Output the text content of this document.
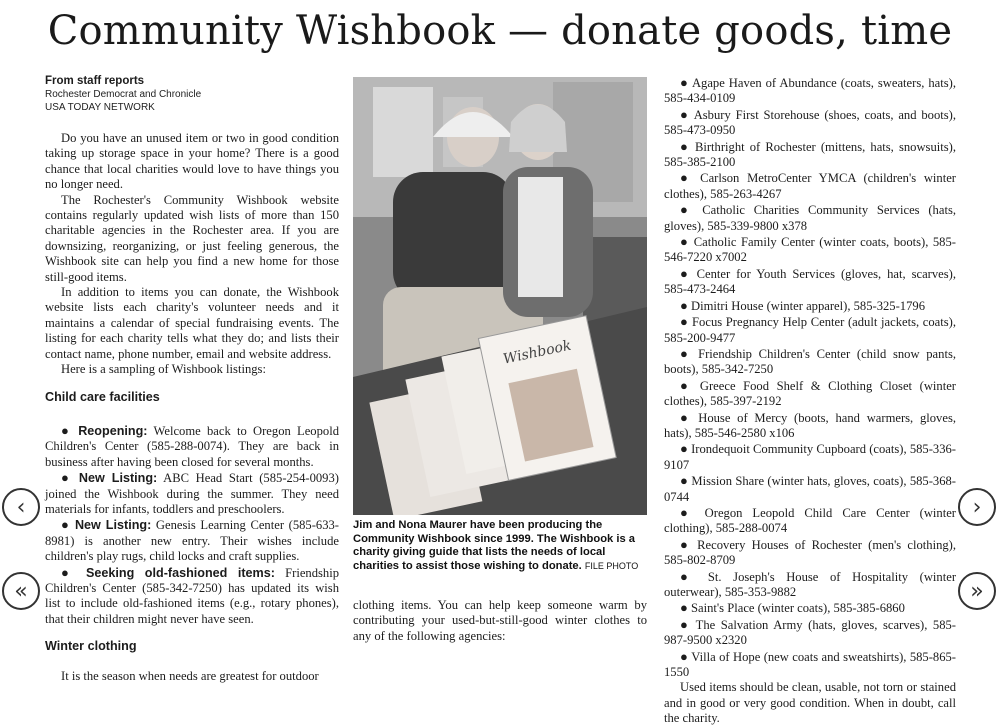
Community Wishbook — donate goods, time
From staff reports
Rochester Democrat and Chronicle
USA TODAY NETWORK

Do you have an unused item or two in good condition taking up storage space in your home? There is a good chance that local charities would love to have things you no longer need.

The Rochester's Community Wishbook website contains regularly updated wish lists of more than 150 charitable agencies in the Rochester area. If you are downsizing, reorganizing, or just feeling generous, the Wishbook site can help you find a new home for those still-good items.

In addition to items you can donate, the Wishbook website lists each charity's volunteer needs and it maintains a calendar of special fundraising events. The listing for each charity tells what they do; and lists their contact name, phone number, email and website address.

Here is a sampling of Wishbook listings:

Child care facilities

● Reopening: Welcome back to Oregon Leopold Children's Center (585-288-0074). They are back in business after having been closed for several months.

● New Listing: ABC Head Start (585-254-0093) joined the Wishbook during the summer. They need materials for infants, toddlers and preschoolers.

● New Listing: Genesis Learning Center (585-633-8981) is another new entry. Their wishes include children's play rugs, child locks and craft supplies.

● Seeking old-fashioned items: Friendship Children's Center (585-342-7250) has updated its wish list to include old-fashioned items (e.g., rotary phones), that their children might never have seen.

Winter clothing

It is the season when needs are greatest for outdoor

Wishbook
Jim and Nona Maurer have been producing the Community Wishbook since 1999. The Wishbook is a charity giving guide that lists the needs of local charities to assist those wishing to donate. FILE PHOTO

clothing items. You can help keep someone warm by contributing your used-but-still-good winter clothes to any of the following agencies:

● Agape Haven of Abundance (coats, sweaters, hats), 585-434-0109

● Asbury First Storehouse (shoes, coats, and boots), 585-473-0950

● Birthright of Rochester (mittens, hats, snowsuits), 585-385-2100

● Carlson MetroCenter YMCA (children's winter clothes), 585-263-4267

● Catholic Charities Community Services (hats, gloves), 585-339-9800 x378

● Catholic Family Center (winter coats, boots), 585-546-7220 x7002

● Center for Youth Services (gloves, hat, scarves), 585-473-2464

● Dimitri House (winter apparel), 585-325-1796

● Focus Pregnancy Help Center (adult jackets, coats), 585-200-9477

● Friendship Children's Center (child snow pants, boots), 585-342-7250

● Greece Food Shelf & Clothing Closet (winter clothes), 585-397-2192

● House of Mercy (boots, hand warmers, gloves, hats), 585-546-2580 x106

● Irondequoit Community Cupboard (coats), 585-336-9107

● Mission Share (winter hats, gloves, coats), 585-368-0744

● Oregon Leopold Child Care Center (winter clothing), 585-288-0074

● Recovery Houses of Rochester (men's clothing), 585-802-8709

● St. Joseph's House of Hospitality (winter outerwear), 585-353-9882

● Saint's Place (winter coats), 585-385-6860

● The Salvation Army (hats, gloves, scarves), 585-987-9500 x2320

● Villa of Hope (new coats and sweatshirts), 585-865-1550

Used items should be clean, usable, not torn or stained and in good or very good condition. When in doubt, call the charity.

‹
«
›
»
